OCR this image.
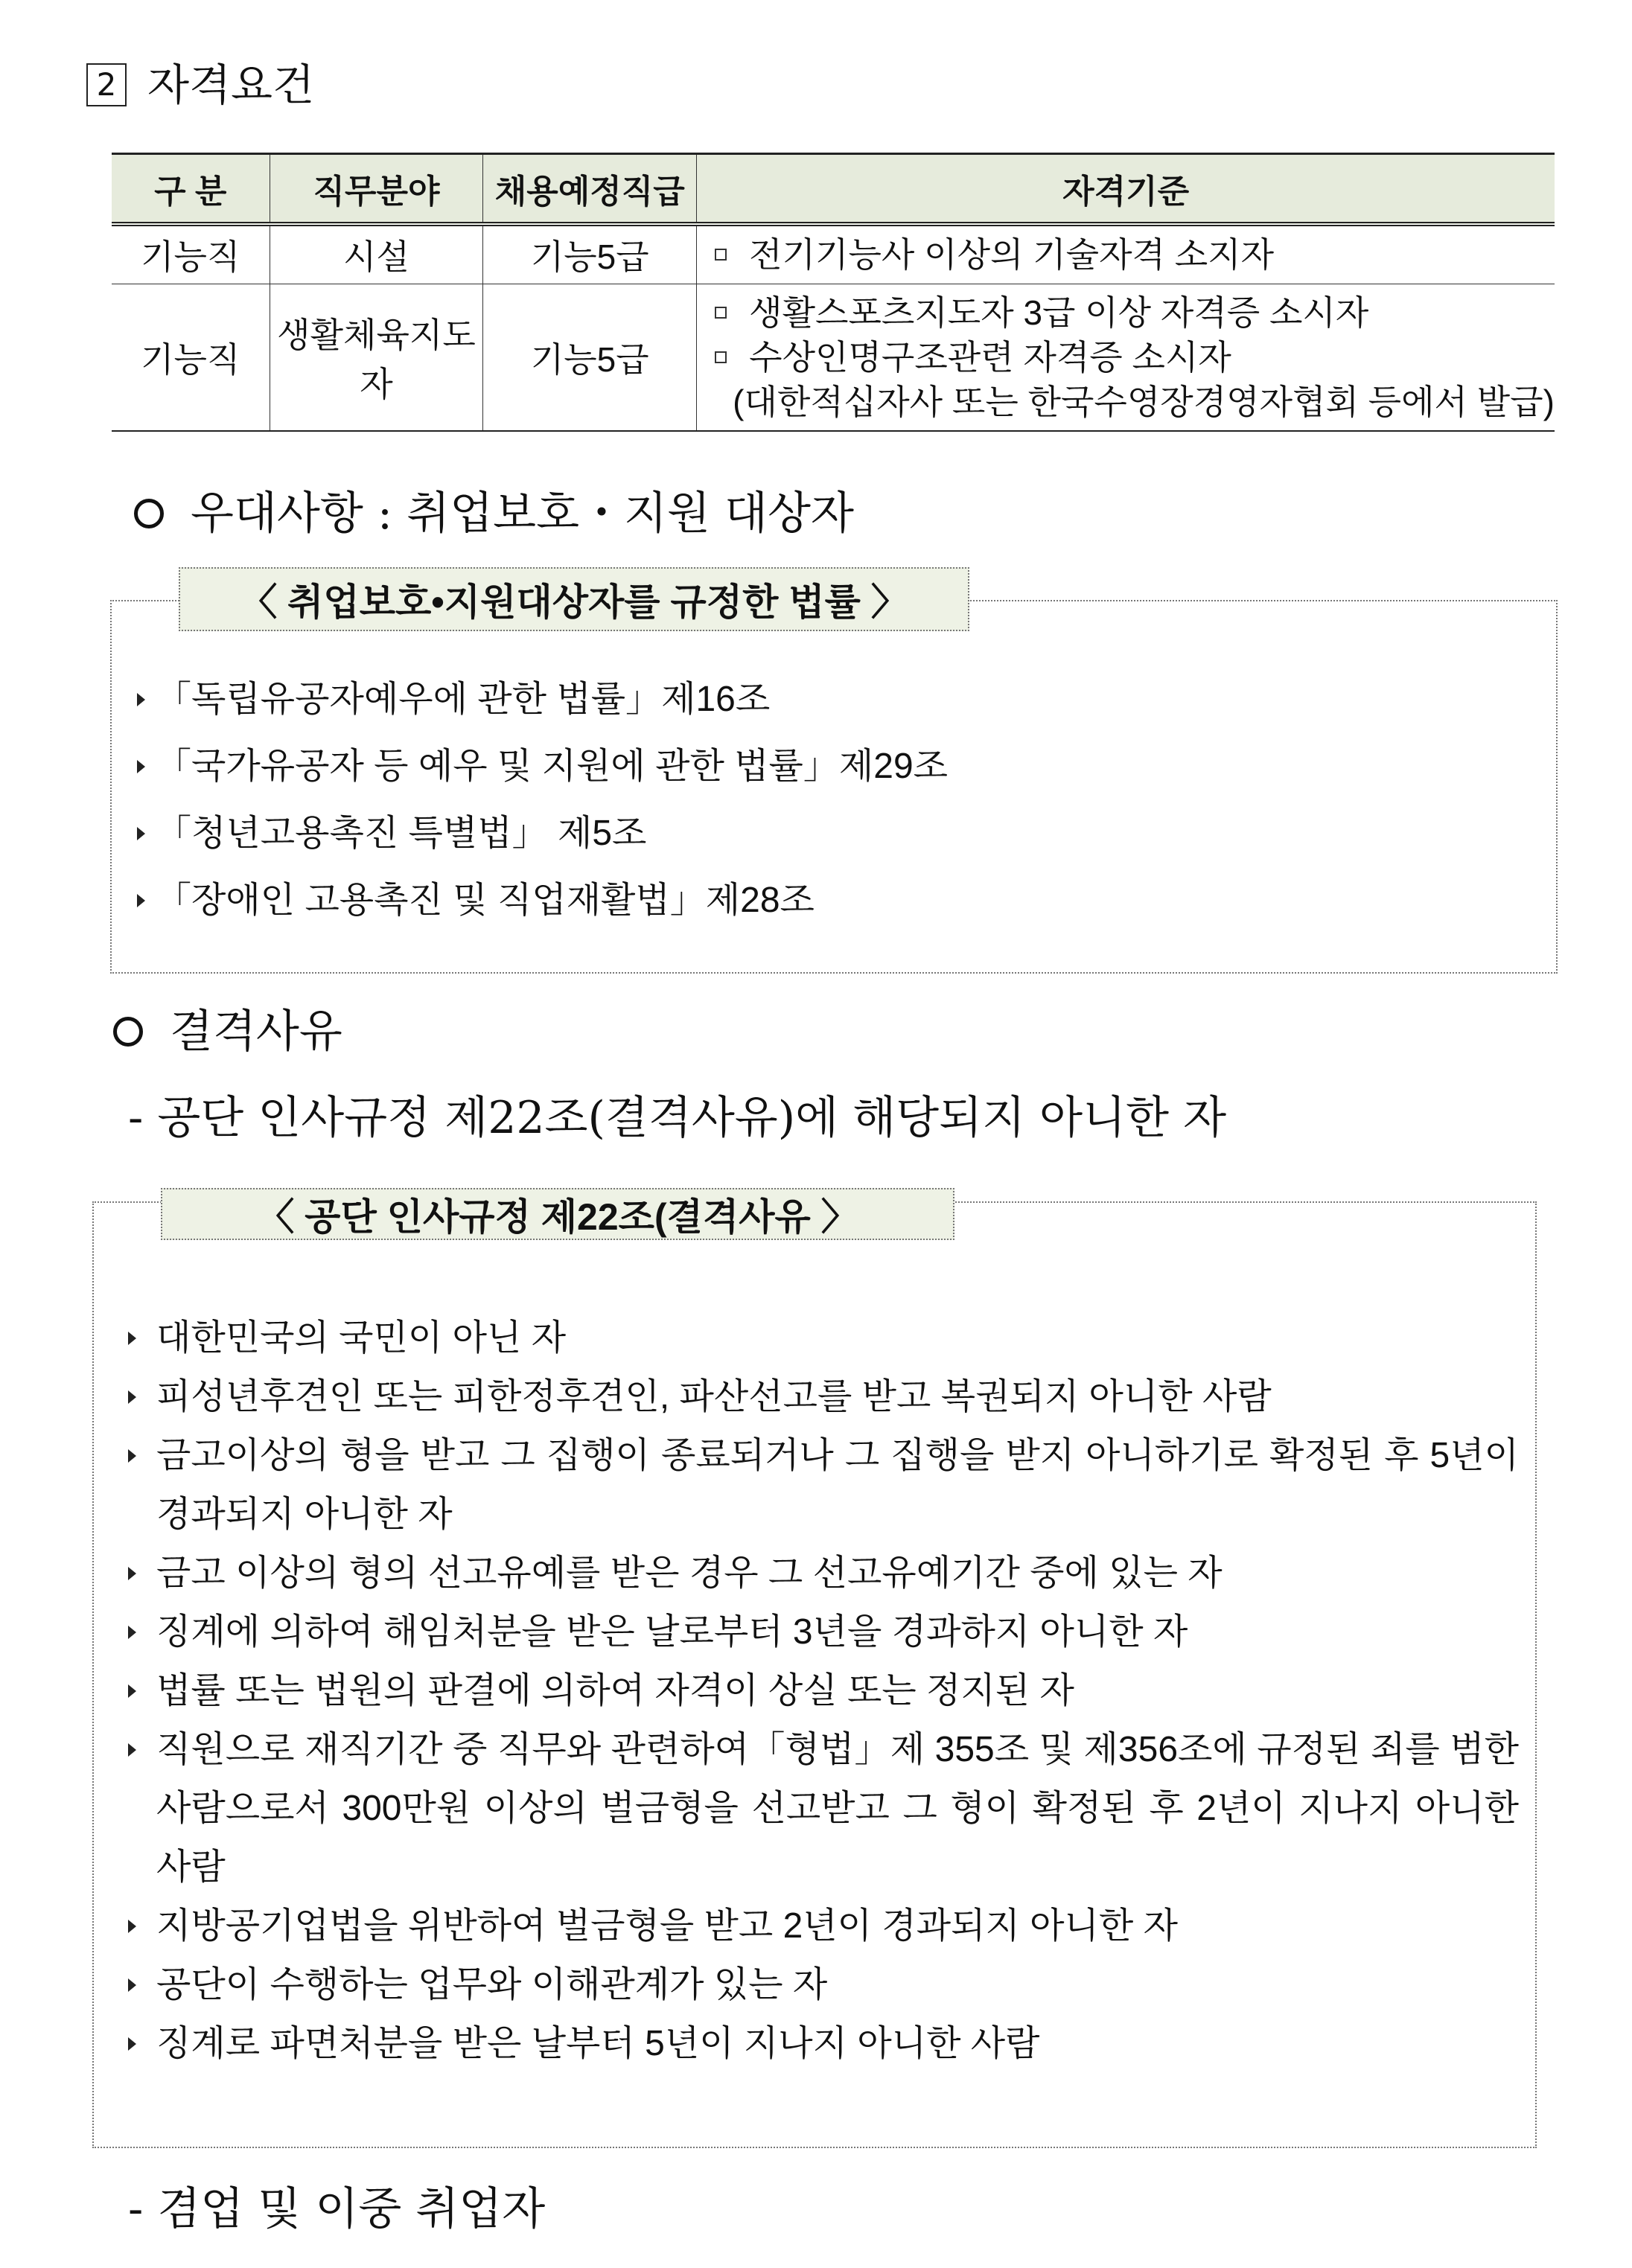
2 자격요건
구 분	직무분야	채용예정직급	자격기준
기능직	시설	기능5급	전기기능사 이상의 기술자격 소지자

기능직	생활체육지도자	기능5급	생활스포츠지도자 3급 이상 자격증 소시자
수상인명구조관련 자격증 소시자
(대한적십자사 또는 한국수영장경영자협회 등에서 발급)
우대사항 : 취업보호・지원 대상자
〈 취업보호•지원대상자를 규정한 법률 〉
「독립유공자예우에 관한 법률」제16조
「국가유공자 등 예우 및 지원에 관한 법률」제29조
「청년고용촉진 특별법」 제5조
「장애인 고용촉진 및 직업재활법」제28조
결격사유
- 공단 인사규정 제22조(결격사유)에 해당되지 아니한 자
〈 공단 인사규정 제22조(결격사유 〉
대한민국의 국민이 아닌 자
피성년후견인 또는 피한정후견인, 파산선고를 받고 복권되지 아니한 사람
금고이상의 형을 받고 그 집행이 종료되거나 그 집행을 받지 아니하기로 확정된 후 5년이 경과되지 아니한 자
금고 이상의 형의 선고유예를 받은 경우 그 선고유예기간 중에 있는 자
징계에 의하여 해임처분을 받은 날로부터 3년을 경과하지 아니한 자
법률 또는 법원의 판결에 의하여 자격이 상실 또는 정지된 자
직원으로 재직기간 중 직무와 관련하여「형법」제 355조 및 제356조에 규정된 죄를 범한 사람으로서 300만원 이상의 벌금형을 선고받고 그 형이 확정된 후 2년이 지나지 아니한 사람
지방공기업법을 위반하여 벌금형을 받고 2년이 경과되지 아니한 자
공단이 수행하는 업무와 이해관계가 있는 자
징계로 파면처분을 받은 날부터 5년이 지나지 아니한 사람
- 겸업 및 이중 취업자
